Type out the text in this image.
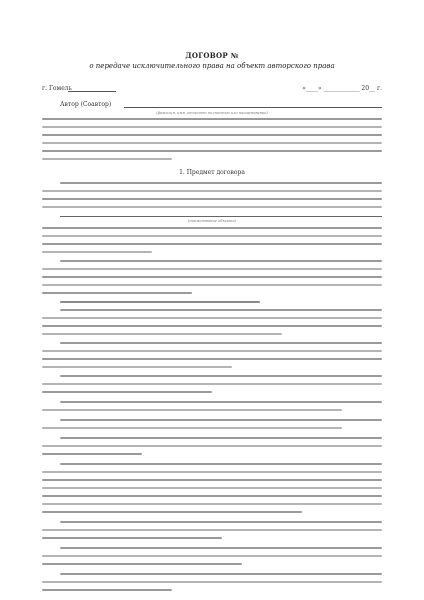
ДОГОВОР №
о передаче исключительного права на объект авторского права
г. Гомель	«____» ____________ 20__ г.
Автор (Соавтор)
(фамилия, имя, отчество полностью или наименование)
1. Предмет договора
(наименование объекта)
